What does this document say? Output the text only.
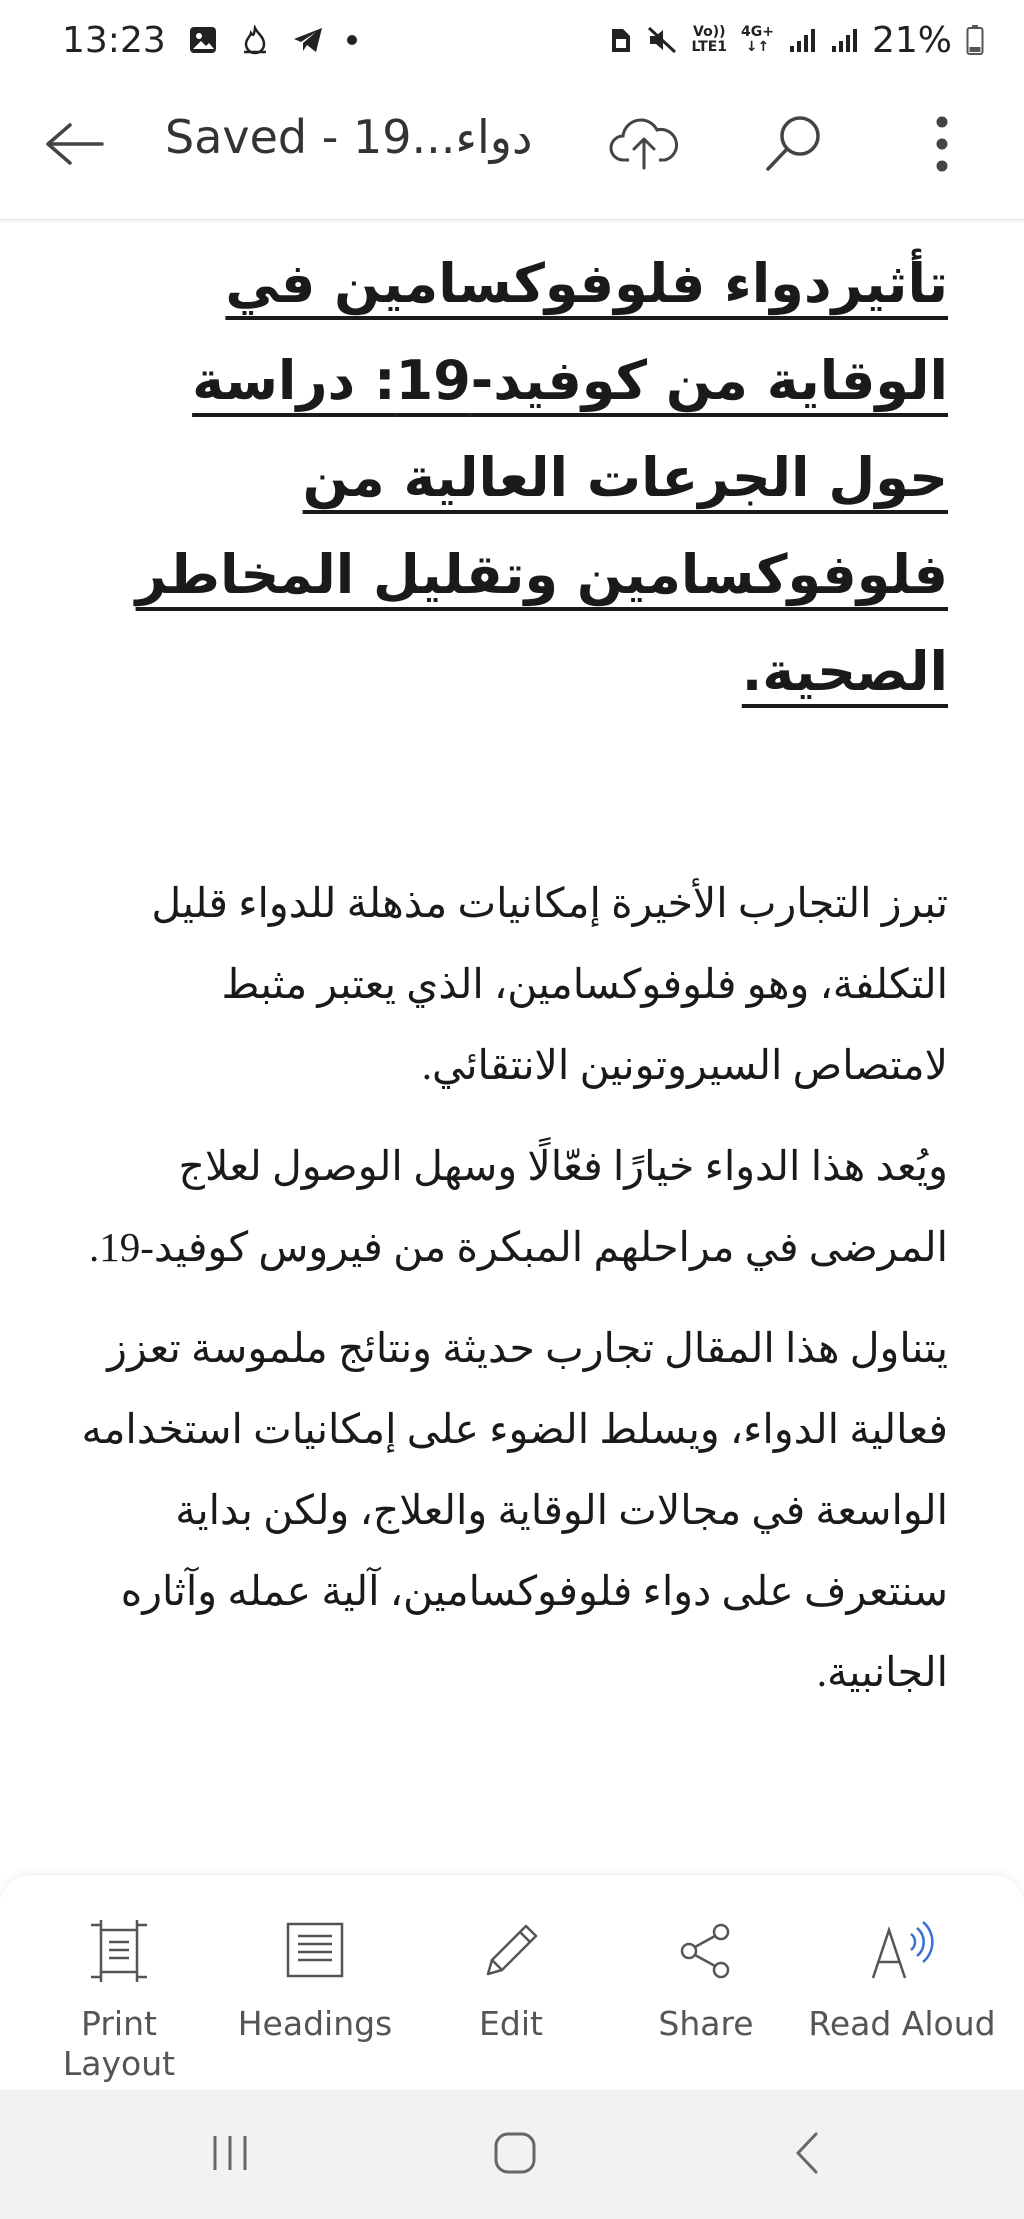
13:23	Vo))
LTE1
4G+
↓↑	21%
Saved - 19...دواء

تأثيردواء فلوفوكسامين في الوقاية من كوفيد-19: دراسة حول الجرعات العالية من فلوفوكسامين وتقليل المخاطر الصحية.

تبرز التجارب الأخيرة إمكانيات مذهلة للدواء قليل التكلفة، وهو فلوفوكسامين، الذي يعتبر مثبط لامتصاص السيروتونين الانتقائي.

ويُعد هذا الدواء خيارًا فعّالًا وسهل الوصول لعلاج المرضى في مراحلهم المبكرة من فيروس كوفيد-19.

يتناول هذا المقال تجارب حديثة ونتائج ملموسة تعزز فعالية الدواء، ويسلط الضوء على إمكانيات استخدامه الواسعة في مجالات الوقاية والعلاج، ولكن بداية سنتعرف على دواء فلوفوكسامين، آلية عمله وآثاره الجانبية.

Print
Layout
Headings	Edit	Share Read Aloud
